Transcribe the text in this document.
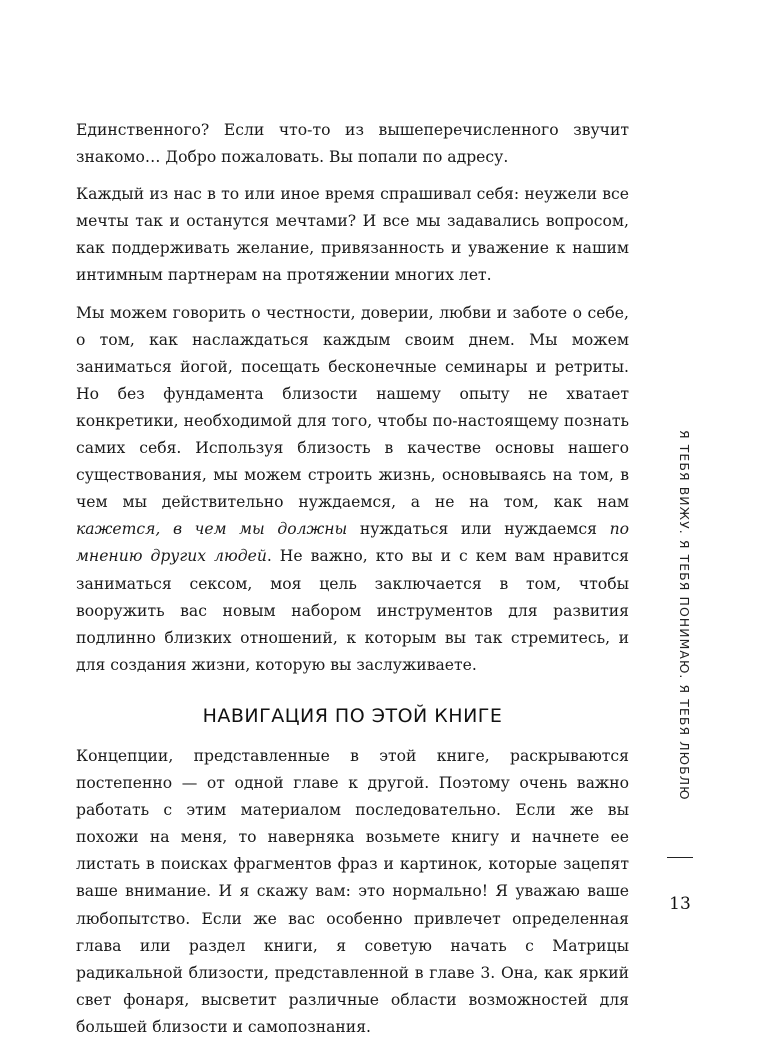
Единственного? Если что-то из вышеперечисленного звучит знакомо… Добро пожаловать. Вы попали по адресу.

Каждый из нас в то или иное время спрашивал себя: неужели все мечты так и останутся мечтами? И все мы задавались вопросом, как поддерживать желание, привязанность и уважение к нашим интимным партнерам на протяжении многих лет.

Мы можем говорить о честности, доверии, любви и заботе о себе, о том, как наслаждаться каждым своим днем. Мы можем заниматься йогой, посещать бесконечные семинары и ретриты. Но без фундамента близости нашему опыту не хватает конкретики, необходимой для того, чтобы по-настоящему познать самих себя. Используя близость в качестве основы нашего существования, мы можем строить жизнь, основываясь на том, в чем мы действительно нуждаемся, а не на том, как нам кажется, в чем мы должны нуждаться или нуждаемся по мнению других людей. Не важно, кто вы и с кем вам нравится заниматься сексом, моя цель заключается в том, чтобы вооружить вас новым набором инструментов для развития подлинно близких отношений, к которым вы так стремитесь, и для создания жизни, которую вы заслуживаете.

НАВИГАЦИЯ ПО ЭТОЙ КНИГЕ

Концепции, представленные в этой книге, раскрываются постепенно — от одной главе к другой. Поэтому очень важно работать с этим материалом последовательно. Если же вы похожи на меня, то наверняка возьмете книгу и начнете ее листать в поисках фрагментов фраз и картинок, которые зацепят ваше внимание. И я скажу вам: это нормально! Я уважаю ваше любопытство. Если же вас особенно привлечет определенная глава или раздел книги, я советую начать с Матрицы радикальной близости, представленной в главе 3. Она, как яркий свет фонаря, высветит различные области возможностей для большей близости и самопознания.

Я ТЕБЯ ВИЖУ. Я ТЕБЯ ПОНИМАЮ. Я ТЕБЯ ЛЮБЛЮ
13
